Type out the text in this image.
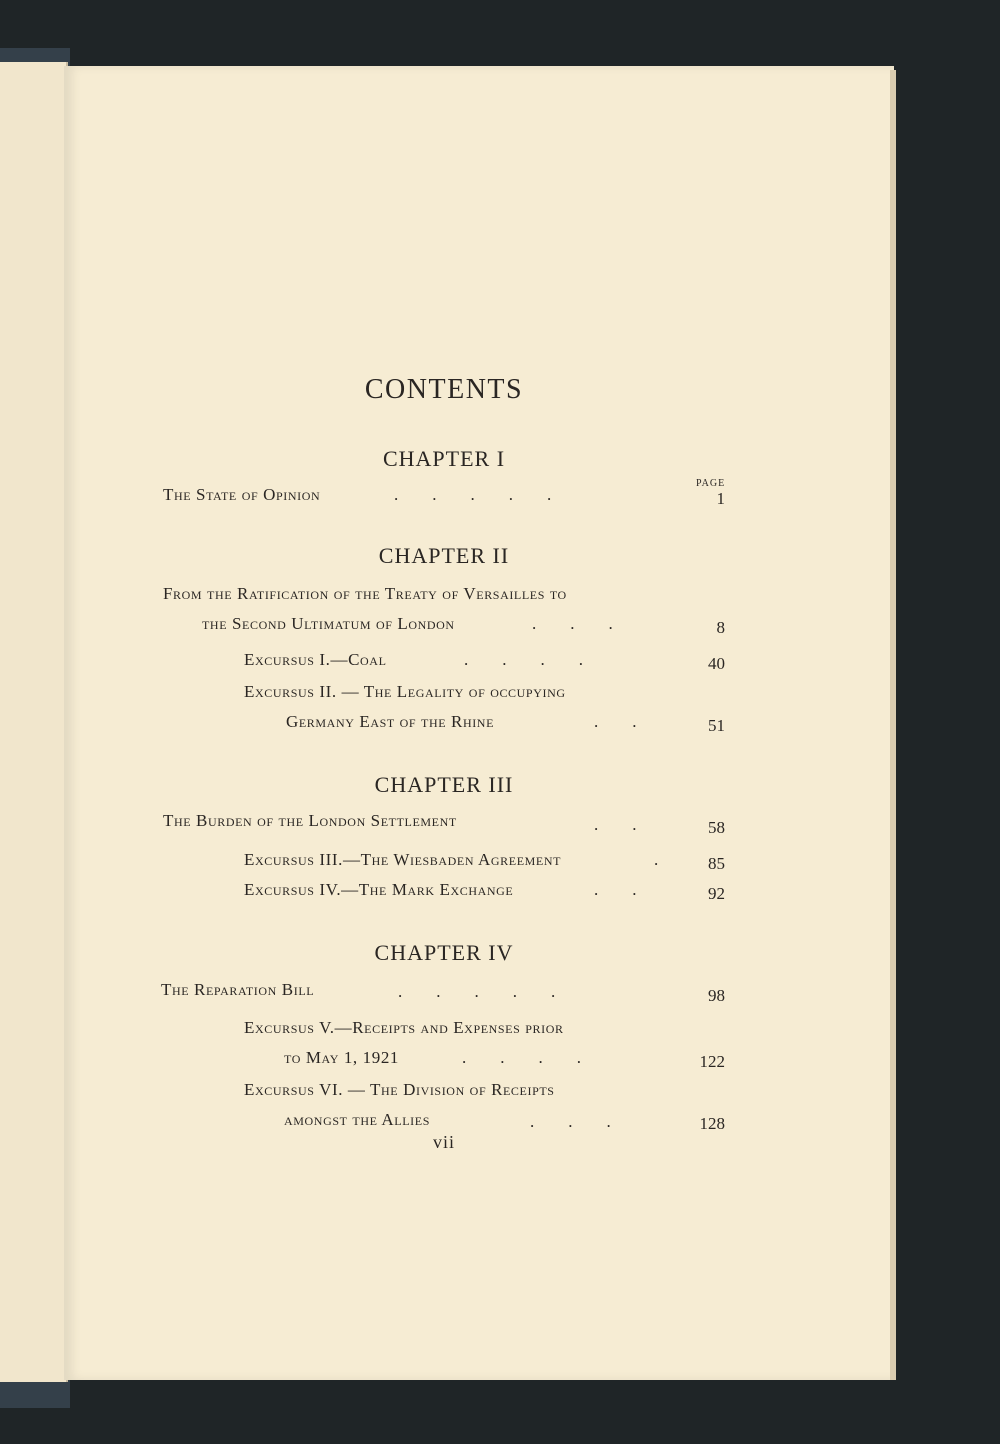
CONTENTS
CHAPTER I
PAGE
The State of Opinion	.        .        .        .        .	1
CHAPTER II
From the Ratification of the Treaty of Versailles to
the Second Ultimatum of London	.        .        .	8
Excursus I.—Coal	.        .        .        .	40
Excursus II. — The Legality of occupying
Germany East of the Rhine	.        .	51
CHAPTER III
The Burden of the London Settlement	.        .	58
Excursus III.—The Wiesbaden Agreement	.	85
Excursus IV.—The Mark Exchange	.        .	92
CHAPTER IV
The Reparation Bill	.        .        .        .        .	98
Excursus V.—Receipts and Expenses prior
to May 1, 1921	.        .        .        .	122
Excursus VI. — The Division of Receipts
amongst the Allies	.        .        .	128
vii
